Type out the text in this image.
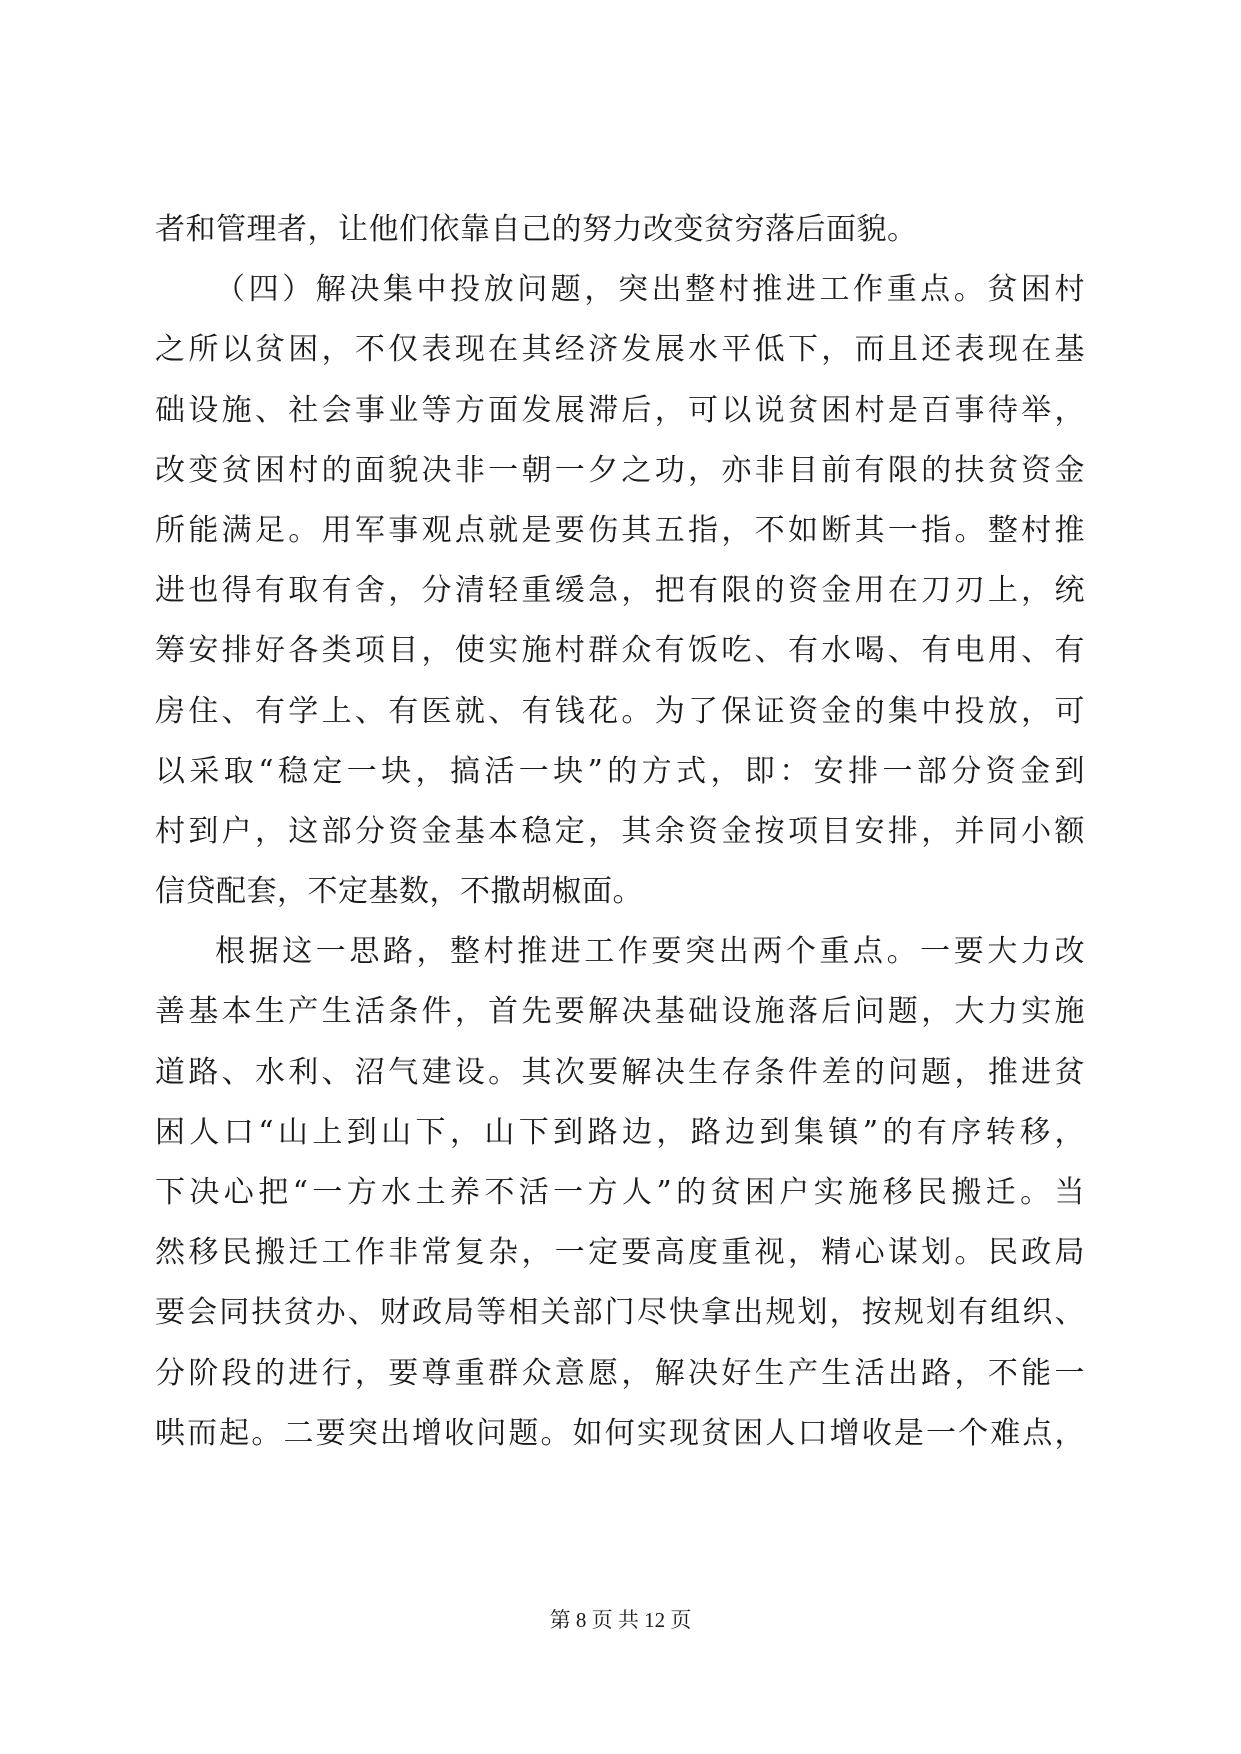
者和管理者，让他们依靠自己的努力改变贫穷落后面貌。
（四）解决集中投放问题，突出整村推进工作重点。贫困村
之所以贫困，不仅表现在其经济发展水平低下，而且还表现在基
础设施、社会事业等方面发展滞后，可以说贫困村是百事待举，
改变贫困村的面貌决非一朝一夕之功，亦非目前有限的扶贫资金
所能满足。用军事观点就是要伤其五指，不如断其一指。整村推
进也得有取有舍，分清轻重缓急，把有限的资金用在刀刃上，统
筹安排好各类项目，使实施村群众有饭吃、有水喝、有电用、有
房住、有学上、有医就、有钱花。为了保证资金的集中投放，可
以采取“稳定一块，搞活一块”的方式，即：安排一部分资金到
村到户，这部分资金基本稳定，其余资金按项目安排，并同小额
信贷配套，不定基数，不撒胡椒面。
根据这一思路，整村推进工作要突出两个重点。一要大力改
善基本生产生活条件，首先要解决基础设施落后问题，大力实施
道路、水利、沼气建设。其次要解决生存条件差的问题，推进贫
困人口“山上到山下，山下到路边，路边到集镇”的有序转移，
下决心把“一方水土养不活一方人”的贫困户实施移民搬迁。当
然移民搬迁工作非常复杂，一定要高度重视，精心谋划。民政局
要会同扶贫办、财政局等相关部门尽快拿出规划，按规划有组织、
分阶段的进行，要尊重群众意愿，解决好生产生活出路，不能一
哄而起。二要突出增收问题。如何实现贫困人口增收是一个难点，
第 8 页 共 12 页
